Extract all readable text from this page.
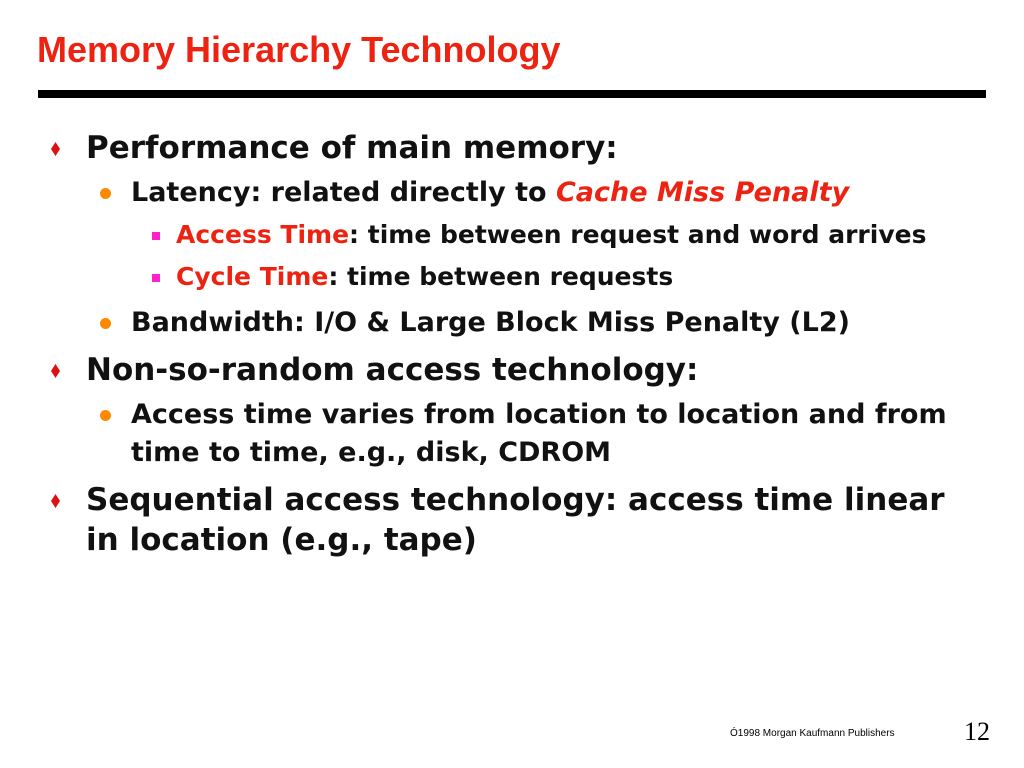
Memory Hierarchy Technology
Performance of main memory:
Latency: related directly to Cache Miss Penalty
Access Time: time between request and word arrives
Cycle Time: time between requests
Bandwidth: I/O & Large Block Miss Penalty (L2)
Non-so-random access technology:
Access time varies from location to location and from time to time, e.g., disk, CDROM
Sequential access technology: access time linear in location (e.g., tape)
Ó1998 Morgan Kaufmann Publishers	12
